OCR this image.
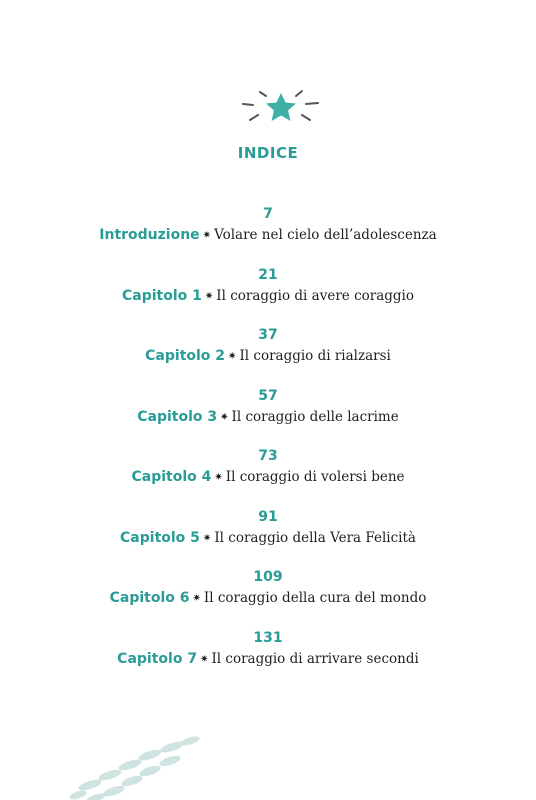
INDICE
7
Introduzione ✷ Volare nel cielo dell’adolescenza
21
Capitolo 1 ✷ Il coraggio di avere coraggio
37
Capitolo 2 ✷ Il coraggio di rialzarsi
57
Capitolo 3 ✷ Il coraggio delle lacrime
73
Capitolo 4 ✷ Il coraggio di volersi bene
91
Capitolo 5 ✷ Il coraggio della Vera Felicità
109
Capitolo 6 ✷ Il coraggio della cura del mondo
131
Capitolo 7 ✷ Il coraggio di arrivare secondi
